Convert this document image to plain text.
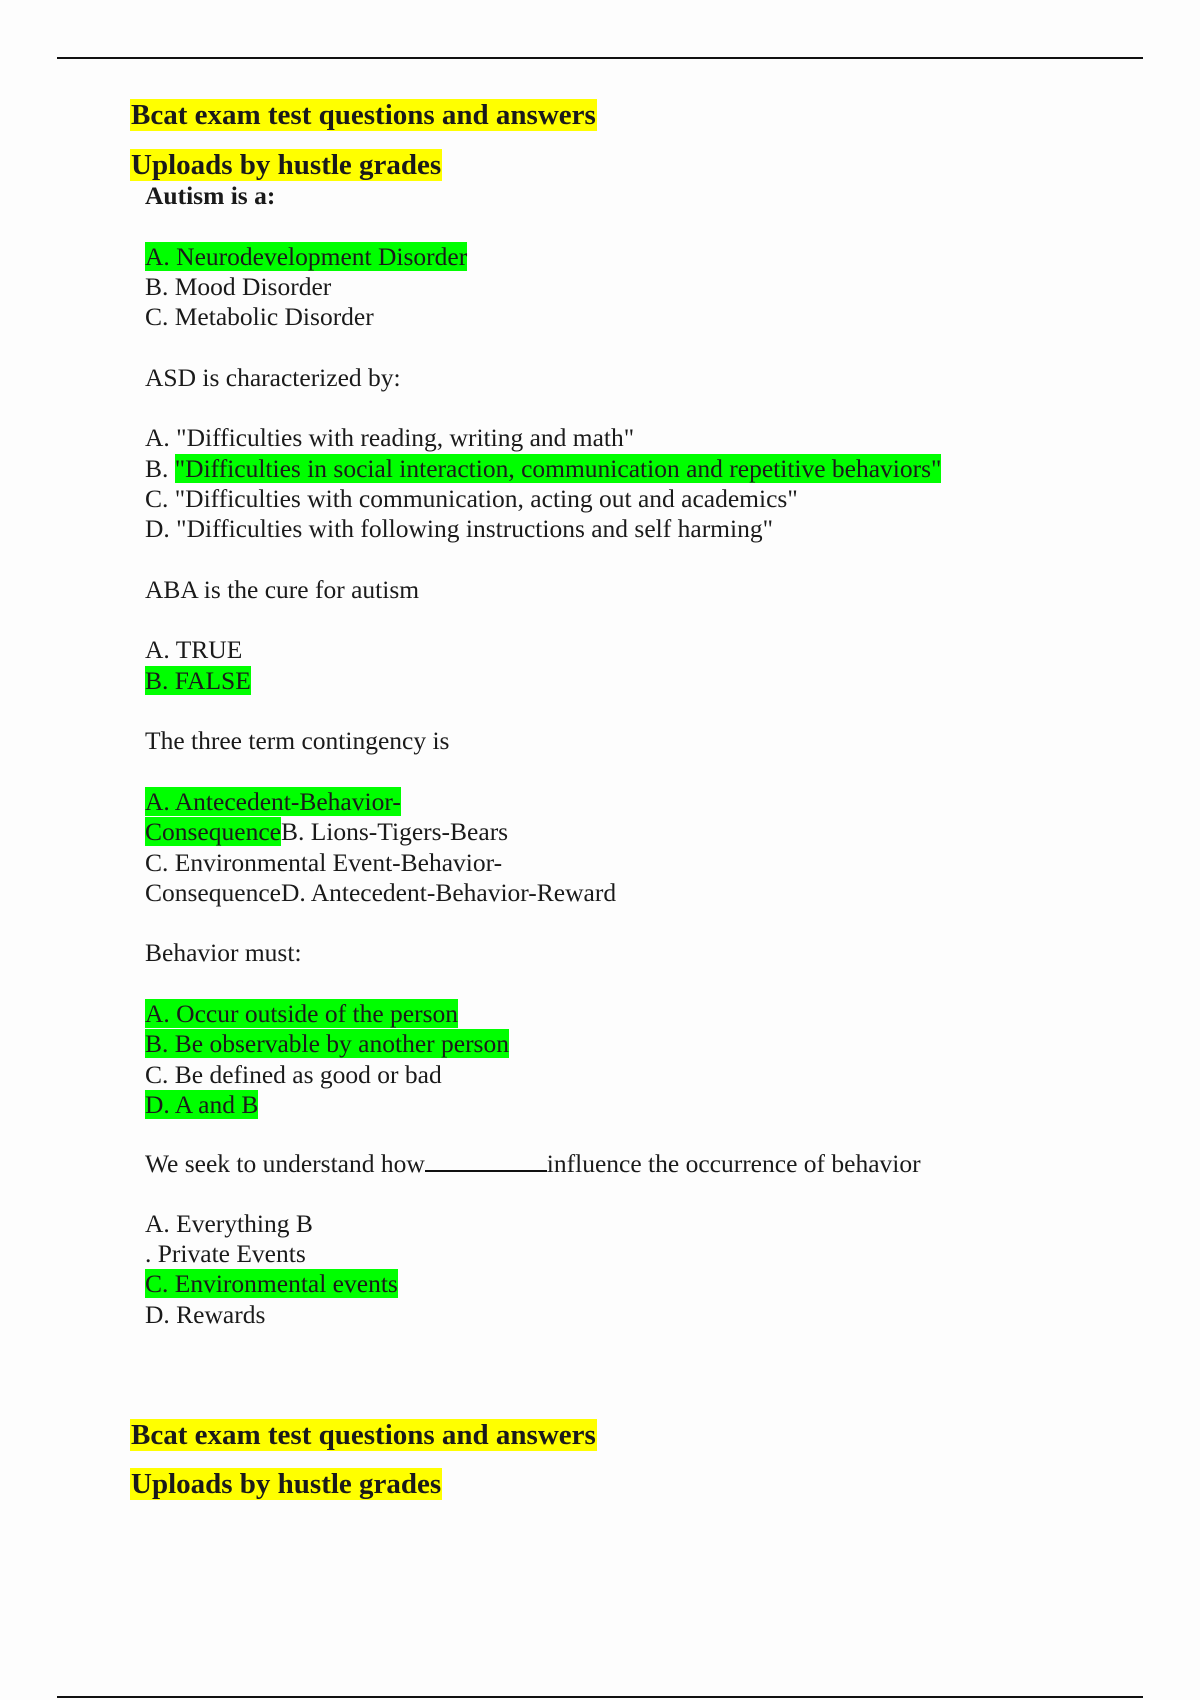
Bcat exam test questions and answers
Uploads by hustle grades
Autism is a:
A. Neurodevelopment Disorder
B. Mood Disorder
C. Metabolic Disorder
ASD is characterized by:
A. "Difficulties with reading, writing and math"
B. "Difficulties in social interaction, communication and repetitive behaviors"
C. "Difficulties with communication, acting out and academics"
D. "Difficulties with following instructions and self harming"
ABA is the cure for autism
A. TRUE
B. FALSE
The three term contingency is
A. Antecedent-Behavior-
ConsequenceB. Lions-Tigers-Bears
C. Environmental Event-Behavior-
ConsequenceD. Antecedent-Behavior-Reward
Behavior must:
A. Occur outside of the person
B. Be observable by another person
C. Be defined as good or bad
D. A and B
We seek to understand how	influence the occurrence of behavior
A. Everything B
. Private Events
C. Environmental events
D. Rewards
Bcat exam test questions and answers
Uploads by hustle grades
